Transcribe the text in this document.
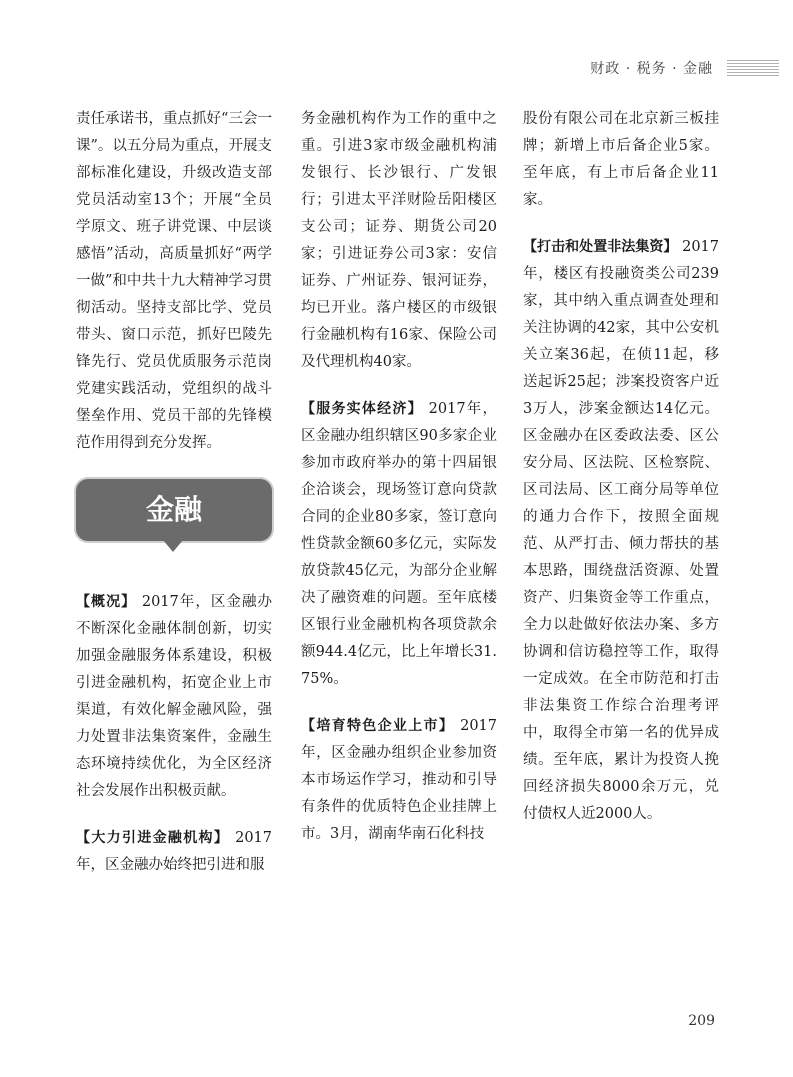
财政 · 税务 · 金融

责任承诺书，重点抓好“三会一课”。以五分局为重点，开展支部标准化建设，升级改造支部党员活动室13个；开展“全员学原文、班子讲党课、中层谈感悟”活动，高质量抓好“两学一做”和中共十九大精神学习贯彻活动。坚持支部比学、党员带头、窗口示范，抓好巴陵先锋先行、党员优质服务示范岗党建实践活动，党组织的战斗堡垒作用、党员干部的先锋模范作用得到充分发挥。

金融

【概况】 2017年，区金融办不断深化金融体制创新，切实加强金融服务体系建设，积极引进金融机构，拓宽企业上市渠道，有效化解金融风险，强力处置非法集资案件，金融生态环境持续优化，为全区经济社会发展作出积极贡献。

【大力引进金融机构】 2017年，区金融办始终把引进和服

务金融机构作为工作的重中之重。引进3家市级金融机构浦发银行、长沙银行、广发银行；引进太平洋财险岳阳楼区支公司；证券、期货公司20家；引进证券公司3家：安信证券、广州证券、银河证券，均已开业。落户楼区的市级银行金融机构有16家、保险公司及代理机构40家。

【服务实体经济】 2017年，区金融办组织辖区90多家企业参加市政府举办的第十四届银企洽谈会，现场签订意向贷款合同的企业80多家，签订意向性贷款金额60多亿元，实际发放贷款45亿元，为部分企业解决了融资难的问题。至年底楼区银行业金融机构各项贷款余额944.4亿元，比上年增长31.75%。

【培育特色企业上市】 2017年，区金融办组织企业参加资本市场运作学习，推动和引导有条件的优质特色企业挂牌上市。3月，湖南华南石化科技

股份有限公司在北京新三板挂牌；新增上市后备企业5家。至年底，有上市后备企业11家。

【打击和处置非法集资】 2017年，楼区有投融资类公司239家，其中纳入重点调查处理和关注协调的42家，其中公安机关立案36起，在侦11起，移送起诉25起；涉案投资客户近3万人，涉案金额达14亿元。区金融办在区委政法委、区公安分局、区法院、区检察院、区司法局、区工商分局等单位的通力合作下，按照全面规范、从严打击、倾力帮扶的基本思路，围绕盘活资源、处置资产、归集资金等工作重点，全力以赴做好依法办案、多方协调和信访稳控等工作，取得一定成效。在全市防范和打击非法集资工作综合治理考评中，取得全市第一名的优异成绩。至年底，累计为投资人挽回经济损失8000余万元，兑付债权人近2000人。

209
